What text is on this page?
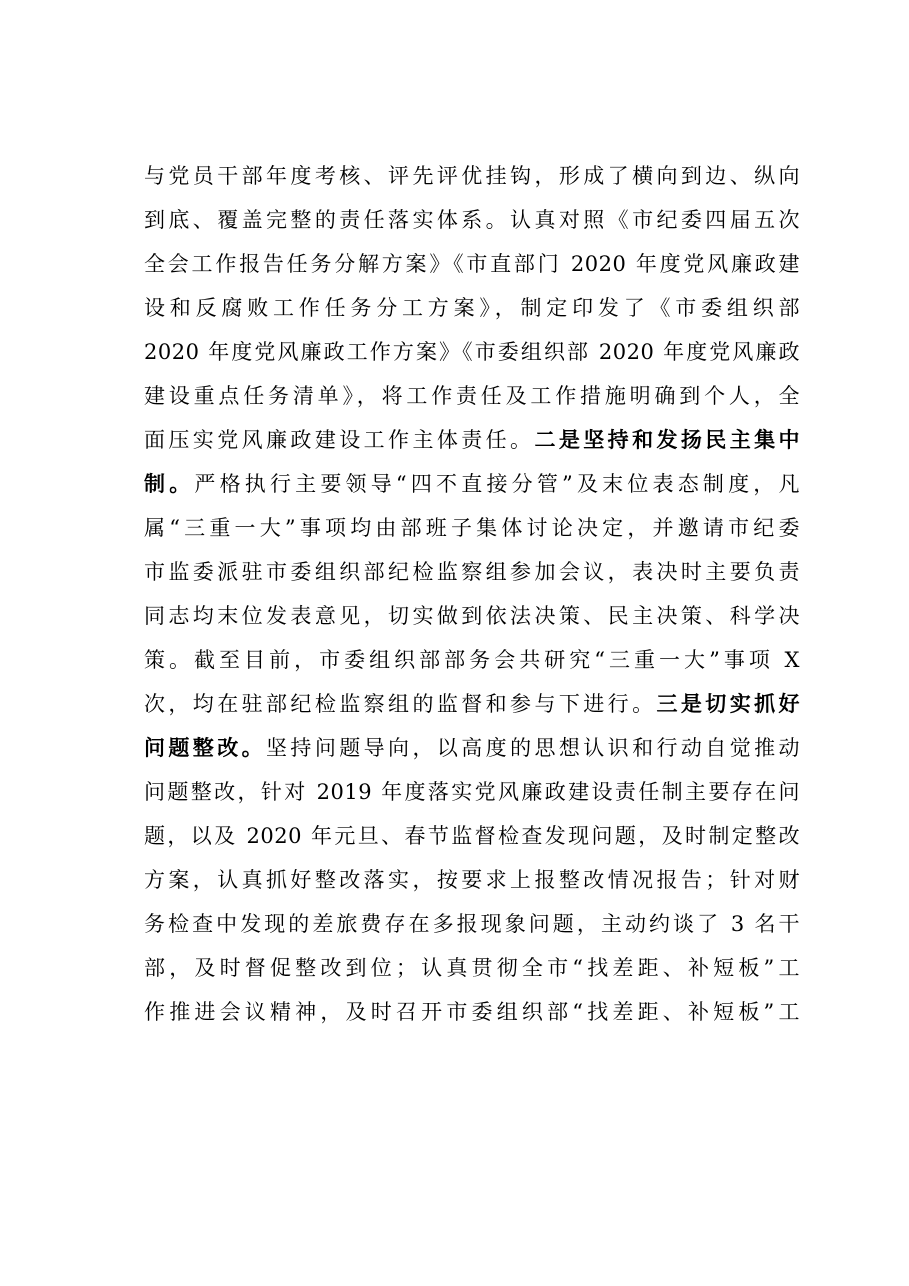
与党员干部年度考核、评先评优挂钩，形成了横向到边、纵向
到底、覆盖完整的责任落实体系。认真对照《市纪委四届五次
全会工作报告任务分解方案》《市直部门 2020 年度党风廉政建
设和反腐败工作任务分工方案》，制定印发了《市委组织部
2020 年度党风廉政工作方案》《市委组织部 2020 年度党风廉政
建设重点任务清单》，将工作责任及工作措施明确到个人，全
面压实党风廉政建设工作主体责任。二是坚持和发扬民主集中
制。严格执行主要领导“四不直接分管”及末位表态制度，凡
属“三重一大”事项均由部班子集体讨论决定，并邀请市纪委
市监委派驻市委组织部纪检监察组参加会议，表决时主要负责
同志均末位发表意见，切实做到依法决策、民主决策、科学决
策。截至目前，市委组织部部务会共研究“三重一大”事项 X
次，均在驻部纪检监察组的监督和参与下进行。三是切实抓好
问题整改。坚持问题导向，以高度的思想认识和行动自觉推动
问题整改，针对 2019 年度落实党风廉政建设责任制主要存在问
题，以及 2020 年元旦、春节监督检查发现问题，及时制定整改
方案，认真抓好整改落实，按要求上报整改情况报告；针对财
务检查中发现的差旅费存在多报现象问题，主动约谈了 3 名干
部，及时督促整改到位；认真贯彻全市“找差距、补短板”工
作推进会议精神，及时召开市委组织部“找差距、补短板”工
